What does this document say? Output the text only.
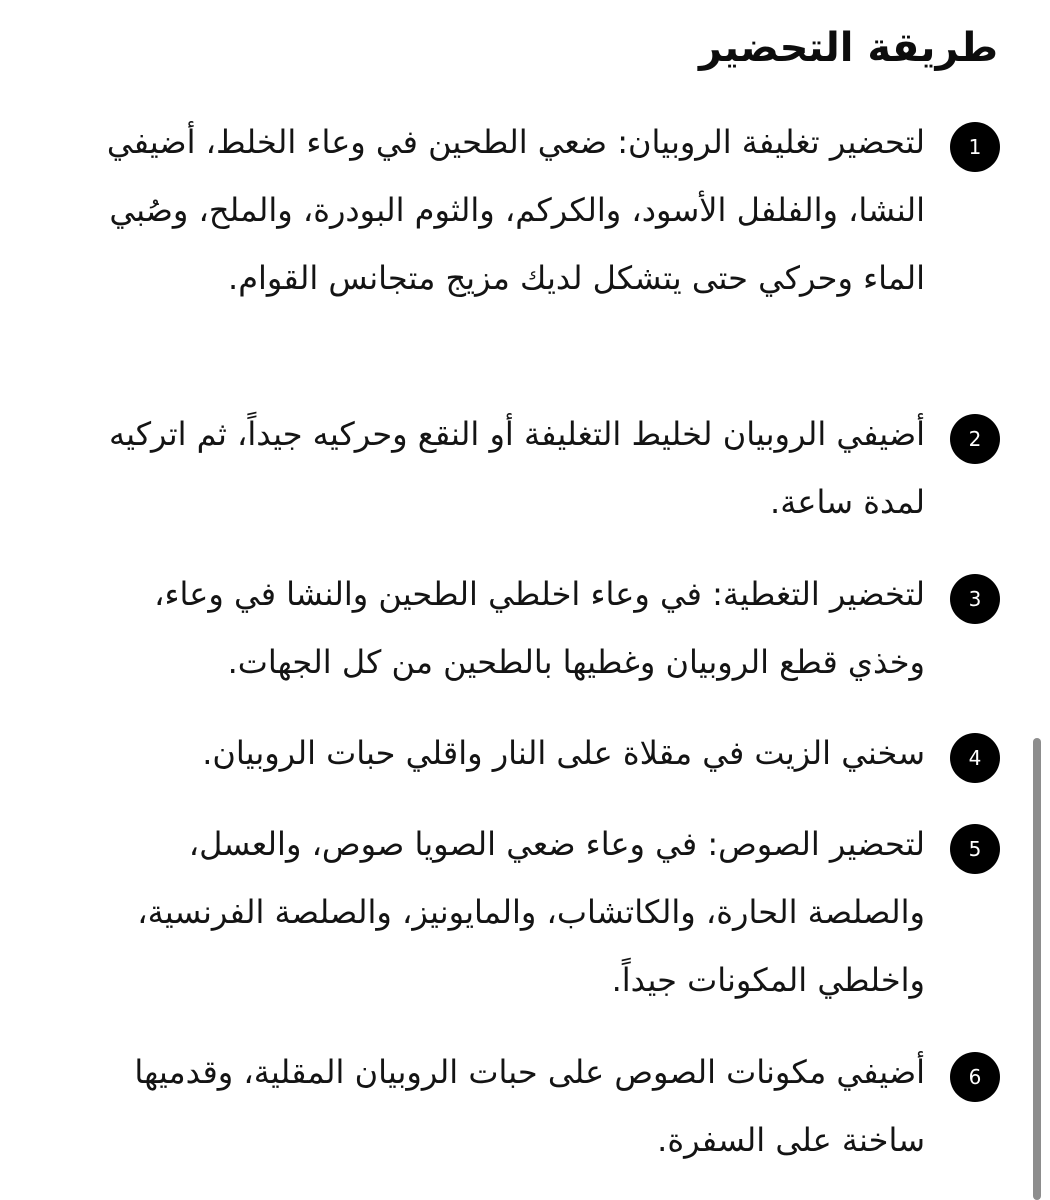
طريقة التحضير
1

لتحضير تغليفة الروبيان: ضعي الطحين في وعاء الخلط، أضيفي النشا، والفلفل الأسود، والكركم، والثوم البودرة، والملح، وصُبي الماء وحركي حتى يتشكل لديك مزيج متجانس القوام.

2

أضيفي الروبيان لخليط التغليفة أو النقع وحركيه جيداً، ثم اتركيه لمدة ساعة.

3

لتخضير التغطية: في وعاء اخلطي الطحين والنشا في وعاء، وخذي قطع الروبيان وغطيها بالطحين من كل الجهات.

4

سخني الزيت في مقلاة على النار واقلي حبات الروبيان.

5

لتحضير الصوص: في وعاء ضعي الصويا صوص، والعسل، والصلصة الحارة، والكاتشاب، والمايونيز، والصلصة الفرنسية، واخلطي المكونات جيداً.

6

أضيفي مكونات الصوص على حبات الروبيان المقلية، وقدميها ساخنة على السفرة.
